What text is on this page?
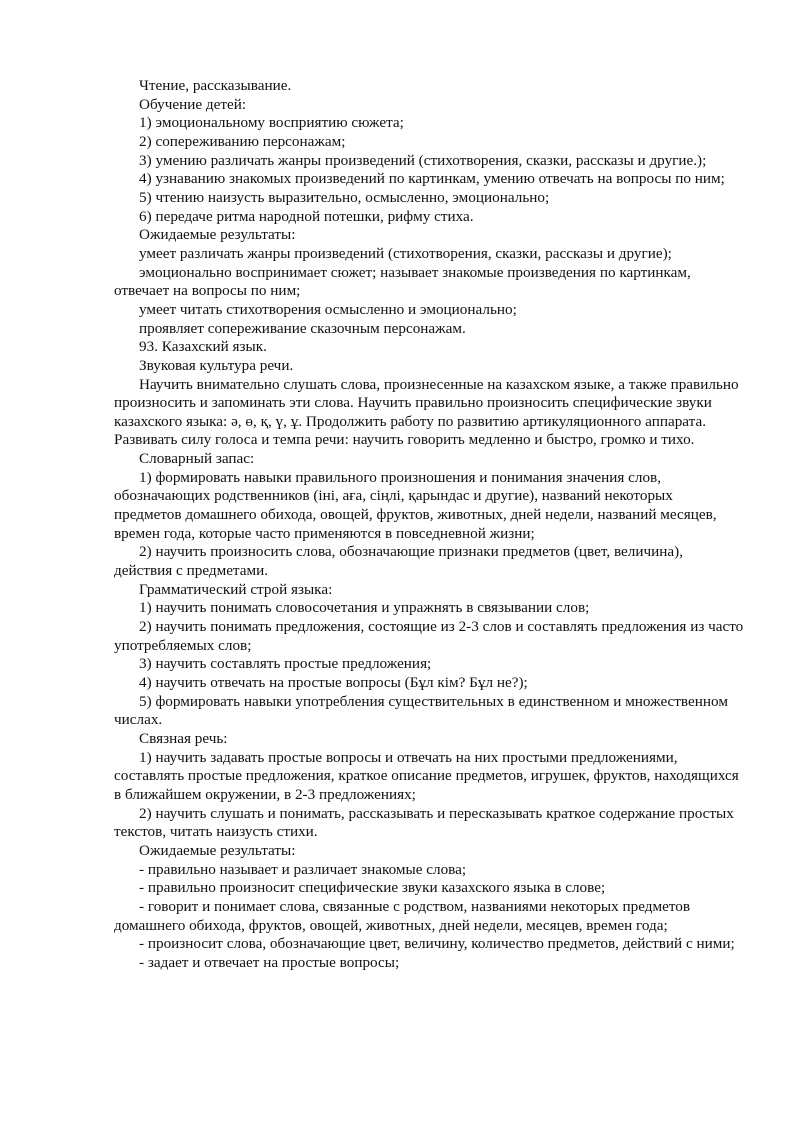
Чтение, рассказывание.

Обучение детей:

1) эмоциональному восприятию сюжета;

2) сопереживанию персонажам;

3) умению различать жанры произведений (стихотворения, сказки, рассказы и другие.);

4) узнаванию знакомых произведений по картинкам, умению отвечать на вопросы по ним;

5) чтению наизусть выразительно, осмысленно, эмоционально;

6) передаче ритма народной потешки, рифму стиха.

Ожидаемые результаты:

умеет различать жанры произведений (стихотворения, сказки, рассказы и другие);

эмоционально воспринимает сюжет; называет знакомые произведения по картинкам, отвечает на вопросы по ним;

умеет читать стихотворения осмысленно и эмоционально;

проявляет сопереживание сказочным персонажам.

93. Казахский язык.

Звуковая культура речи.

Научить внимательно слушать слова, произнесенные на казахском языке, а также правильно произносить и запоминать эти слова. Научить правильно произносить специфические звуки казахского языка: ә, ө, қ, ү, ұ. Продолжить работу по развитию артикуляционного аппарата. Развивать силу голоса и темпа речи: научить говорить медленно и быстро, громко и тихо.

Словарный запас:

1) формировать навыки правильного произношения и понимания значения слов, обозначающих родственников (іні, аға, сіңлі, қарындас и другие), названий некоторых предметов домашнего обихода, овощей, фруктов, животных, дней недели, названий месяцев, времен года, которые часто применяются в повседневной жизни;

2) научить произносить слова, обозначающие признаки предметов (цвет, величина), действия с предметами.

Грамматический строй языка:

1) научить понимать словосочетания и упражнять в связывании слов;

2) научить понимать предложения, состоящие из 2-3 слов и составлять предложения из часто употребляемых слов;

3) научить составлять простые предложения;

4) научить отвечать на простые вопросы (Бұл кім? Бұл не?);

5) формировать навыки употребления существительных в единственном и множественном числах.

Связная речь:

1) научить задавать простые вопросы и отвечать на них простыми предложениями, составлять простые предложения, краткое описание предметов, игрушек, фруктов, находящихся в ближайшем окружении, в 2-3 предложениях;

2) научить слушать и понимать, рассказывать и пересказывать краткое содержание простых текстов, читать наизусть стихи.

Ожидаемые результаты:

- правильно называет и различает знакомые слова;

- правильно произносит специфические звуки казахского языка в слове;

- говорит и понимает слова, связанные с родством, названиями некоторых предметов домашнего обихода, фруктов, овощей, животных, дней недели, месяцев, времен года;

- произносит слова, обозначающие цвет, величину, количество предметов, действий с ними;

- задает и отвечает на простые вопросы;
